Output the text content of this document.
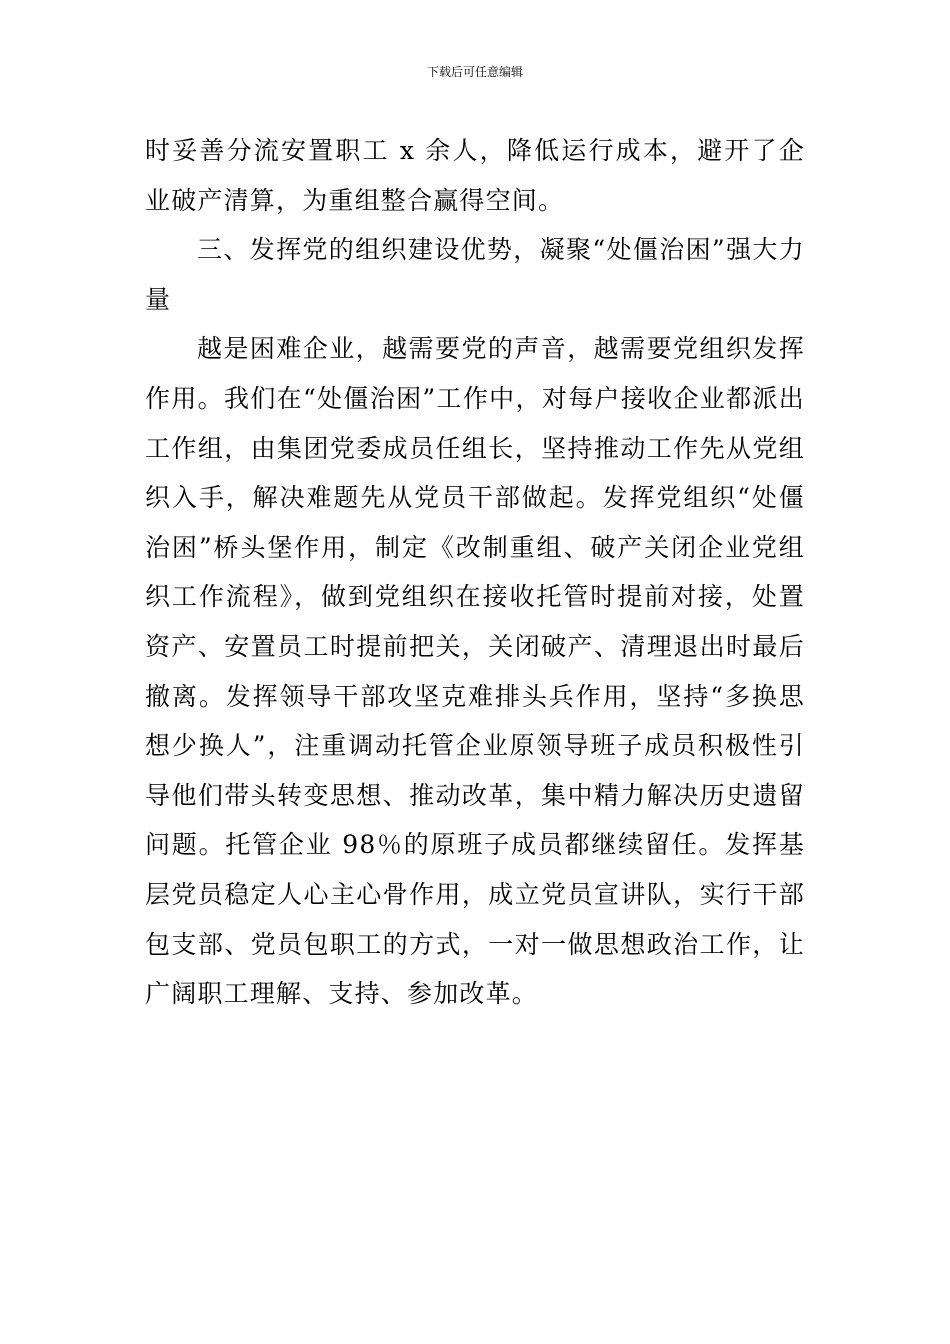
下载后可任意编辑

时妥善分流安置职工 x 余人，降低运行成本，避开了企业破产清算，为重组整合赢得空间。

三、发挥党的组织建设优势，凝聚“处僵治困”强大力量

越是困难企业，越需要党的声音，越需要党组织发挥作用。我们在“处僵治困”工作中，对每户接收企业都派出工作组，由集团党委成员任组长，坚持推动工作先从党组织入手，解决难题先从党员干部做起。发挥党组织“处僵治困”桥头堡作用，制定《改制重组、破产关闭企业党组织工作流程》，做到党组织在接收托管时提前对接，处置资产、安置员工时提前把关，关闭破产、清理退出时最后撤离。发挥领导干部攻坚克难排头兵作用，坚持“多换思想少换人”，注重调动托管企业原领导班子成员积极性引导他们带头转变思想、推动改革，集中精力解决历史遗留问题。托管企业 98％的原班子成员都继续留任。发挥基层党员稳定人心主心骨作用，成立党员宣讲队，实行干部包支部、党员包职工的方式，一对一做思想政治工作，让广阔职工理解、支持、参加改革。
